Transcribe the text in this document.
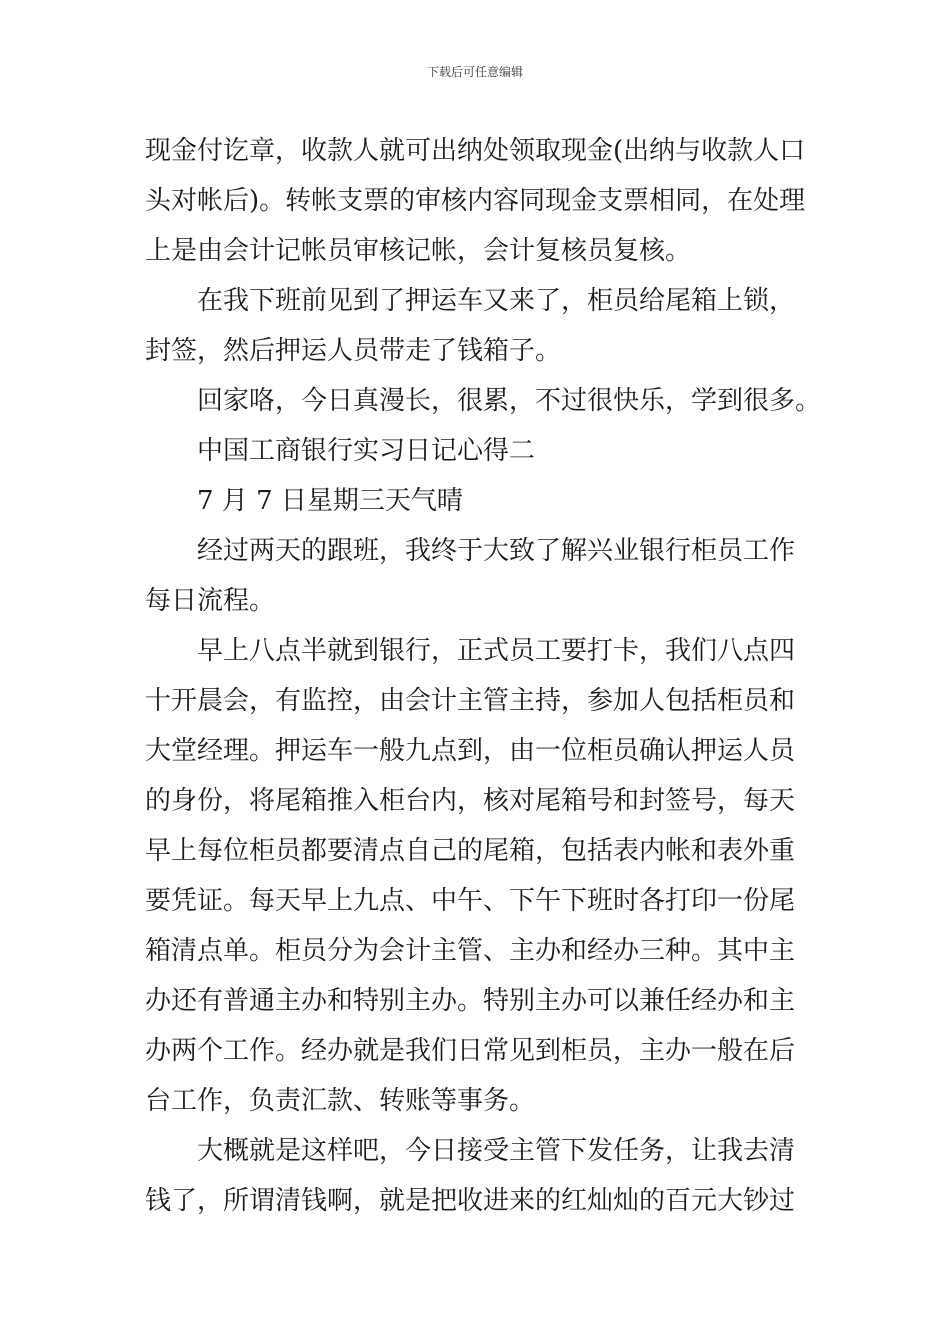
下载后可任意编辑
现金付讫章，收款人就可出纳处领取现金(出纳与收款人口
头对帐后)。转帐支票的审核内容同现金支票相同，在处理
上是由会计记帐员审核记帐，会计复核员复核。
在我下班前见到了押运车又来了，柜员给尾箱上锁，
封签，然后押运人员带走了钱箱子。
回家咯，今日真漫长，很累，不过很快乐，学到很多。
中国工商银行实习日记心得二
7 月 7 日星期三天气晴
经过两天的跟班，我终于大致了解兴业银行柜员工作
每日流程。
早上八点半就到银行，正式员工要打卡，我们八点四
十开晨会，有监控，由会计主管主持，参加人包括柜员和
大堂经理。押运车一般九点到，由一位柜员确认押运人员
的身份，将尾箱推入柜台内，核对尾箱号和封签号，每天
早上每位柜员都要清点自己的尾箱，包括表内帐和表外重
要凭证。每天早上九点、中午、下午下班时各打印一份尾
箱清点单。柜员分为会计主管、主办和经办三种。其中主
办还有普通主办和特别主办。特别主办可以兼任经办和主
办两个工作。经办就是我们日常见到柜员，主办一般在后
台工作，负责汇款、转账等事务。
大概就是这样吧，今日接受主管下发任务，让我去清
钱了，所谓清钱啊，就是把收进来的红灿灿的百元大钞过
